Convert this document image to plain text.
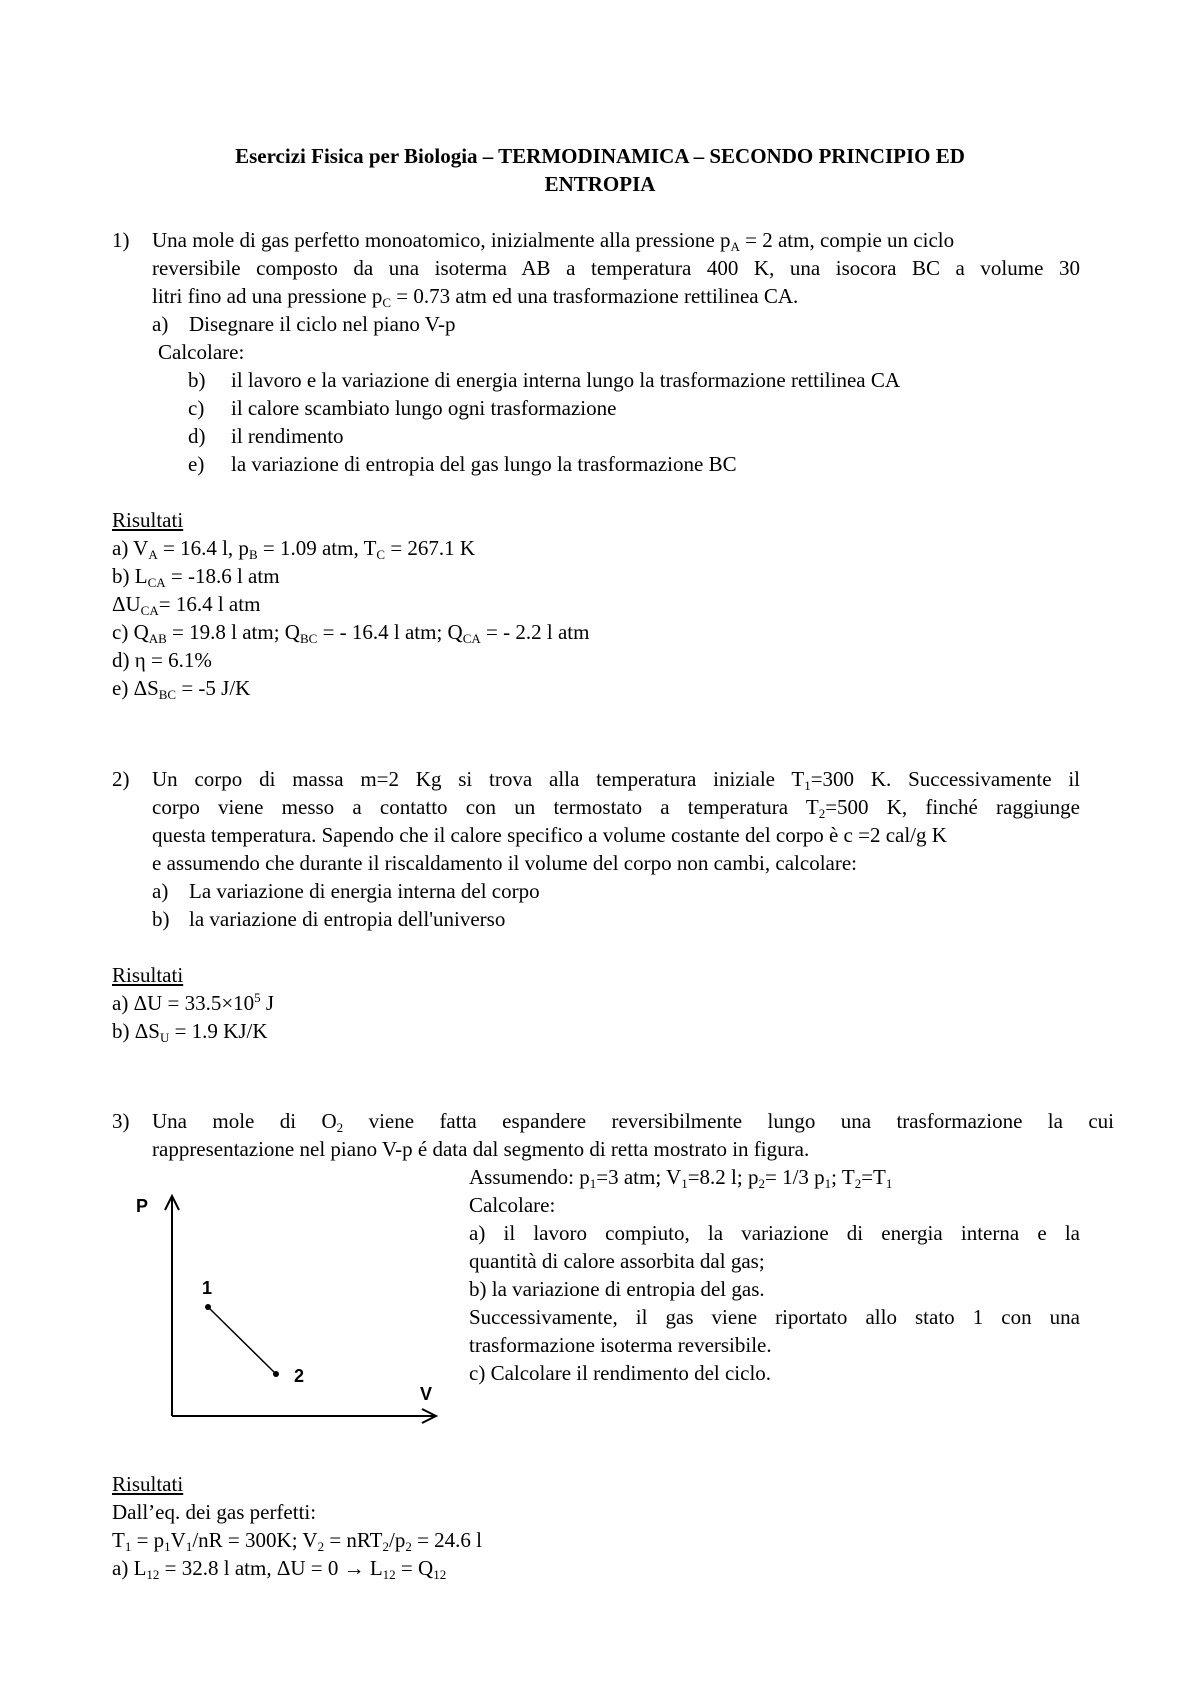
Esercizi Fisica per Biologia – TERMODINAMICA – SECONDO PRINCIPIO ED
ENTROPIA
1) Una mole di gas perfetto monoatomico, inizialmente alla pressione $p_A = 2$ atm, compie un ciclo
reversibile composto da una isoterma AB a temperatura 400 K, una isocora BC a volume 30
litri fino ad una pressione $p_C = 0.73$ atm ed una trasformazione rettilinea CA.
a) Disegnare il ciclo nel piano V-p
Calcolare:
b) il lavoro e la variazione di energia interna lungo la trasformazione rettilinea CA
c) il calore scambiato lungo ogni trasformazione
d) il rendimento
e) la variazione di entropia del gas lungo la trasformazione BC
Risultati
a) $V_A = 16.4$ l, $p_B = 1.09$ atm, $T_C = 267.1$ K
b) $L_{CA} = -18.6$ l atm
$\Delta U_{CA}= 16.4$ l atm
c) $Q_{AB} = 19.8$ l atm; $Q_{BC}$ = - 16.4 l atm; $Q_{CA}$ = - 2.2 l atm
d) η = 6.1%
e) $\Delta S_{BC} = -5$ J/K
2) Un corpo di massa m=2 Kg si trova alla temperatura iniziale $T_1=300$ K. Successivamente il
corpo viene messo a contatto con un termostato a temperatura $T_2=500$ K, finché raggiunge
questa temperatura. Sapendo che il calore specifico a volume costante del corpo è c =2 cal/g K
e assumendo che durante il riscaldamento il volume del corpo non cambi, calcolare:
a) La variazione di energia interna del corpo
b) la variazione di entropia dell'universo
Risultati
a) $\Delta U = 33.5\times 10^5$ J
b) $\Delta S_U = 1.9$ KJ/K
3) Una mole di $O_2$ viene fatta espandere reversibilmente lungo una trasformazione la cui
rappresentazione nel piano V-p é data dal segmento di retta mostrato in figura.
Assumendo: $p_1=3$ atm; $V_1=8.2$ l; $p_2= 1/3$ $p_1$; $T_2=T_1$
Calcolare:
a) il lavoro compiuto, la variazione di energia interna e la
quantità di calore assorbita dal gas;
b) la variazione di entropia del gas.
Successivamente, il gas viene riportato allo stato 1 con una
trasformazione isoterma reversibile.
c) Calcolare il rendimento del ciclo.
P
V
1
2
Risultati
Dall’eq. dei gas perfetti:
$T_1 = p_1V_1/nR = 300K$; $V_2 = nRT_2/p_2 = 24.6$ l
a) $L_{12} = 32.8$ l atm, $\Delta U = 0 \to L_{12} = Q_{12}$
